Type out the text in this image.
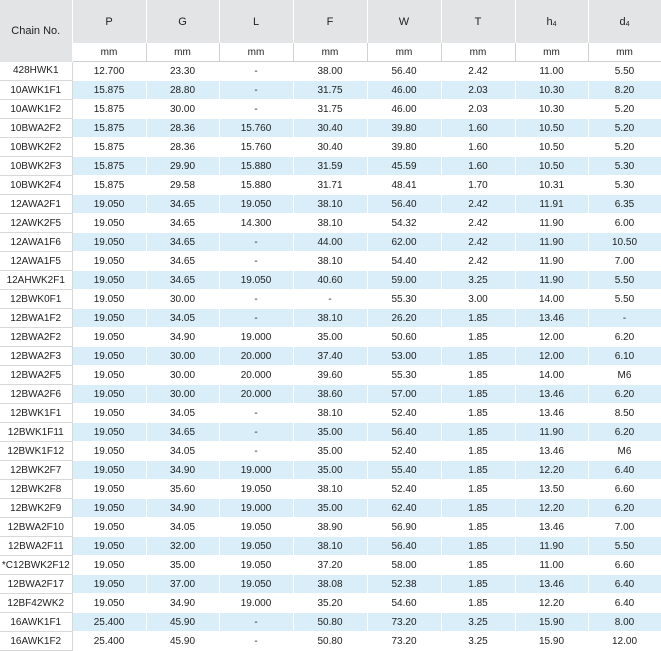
Chain No.	P	G	L	F	W	T	$h_4$	$d_4$
	mm	mm	mm	mm	mm	mm	mm	mm
428HWK1	12.700	23.30	-	38.00	56.40	2.42	11.00	5.50
10AWK1F1	15.875	28.80	-	31.75	46.00	2.03	10.30	8.20
10AWK1F2	15.875	30.00	-	31.75	46.00	2.03	10.30	5.20
10BWA2F2	15.875	28.36	15.760	30.40	39.80	1.60	10.50	5.20
10BWK2F2	15.875	28.36	15.760	30.40	39.80	1.60	10.50	5.20
10BWK2F3	15.875	29.90	15.880	31.59	45.59	1.60	10.50	5.30
10BWK2F4	15.875	29.58	15.880	31.71	48.41	1.70	10.31	5.30
12AWA2F1	19.050	34.65	19.050	38.10	56.40	2.42	11.91	6.35
12AWK2F5	19.050	34.65	14.300	38.10	54.32	2.42	11.90	6.00
12AWA1F6	19.050	34.65	-	44.00	62.00	2.42	11.90	10.50
12AWA1F5	19.050	34.65	-	38.10	54.40	2.42	11.90	7.00
12AHWK2F1	19.050	34.65	19.050	40.60	59.00	3.25	11.90	5.50
12BWK0F1	19.050	30.00	-	-	55.30	3.00	14.00	5.50
12BWA1F2	19.050	34.05	-	38.10	26.20	1.85	13.46	-
12BWA2F2	19.050	34.90	19.000	35.00	50.60	1.85	12.00	6.20
12BWA2F3	19.050	30.00	20.000	37.40	53.00	1.85	12.00	6.10
12BWA2F5	19.050	30.00	20.000	39.60	55.30	1.85	14.00	M6
12BWA2F6	19.050	30.00	20.000	38.60	57.00	1.85	13.46	6.20
12BWK1F1	19.050	34.05	-	38.10	52.40	1.85	13.46	8.50
12BWK1F11	19.050	34.65	-	35.00	56.40	1.85	11.90	6.20
12BWK1F12	19.050	34.05	-	35.00	52.40	1.85	13.46	M6
12BWK2F7	19.050	34.90	19.000	35.00	55.40	1.85	12.20	6.40
12BWK2F8	19.050	35.60	19.050	38.10	52.40	1.85	13.50	6.60
12BWK2F9	19.050	34.90	19.000	35.00	62.40	1.85	12.20	6.20
12BWA2F10	19.050	34.05	19.050	38.90	56.90	1.85	13.46	7.00
12BWA2F11	19.050	32.00	19.050	38.10	56.40	1.85	11.90	5.50
*C12BWK2F12	19.050	35.00	19.050	37.20	58.00	1.85	11.00	6.60
12BWA2F17	19.050	37.00	19.050	38.08	52.38	1.85	13.46	6.40
12BF42WK2	19.050	34.90	19.000	35.20	54.60	1.85	12.20	6.40
16AWK1F1	25.400	45.90	-	50.80	73.20	3.25	15.90	8.00
16AWK1F2	25.400	45.90	-	50.80	73.20	3.25	15.90	12.00
